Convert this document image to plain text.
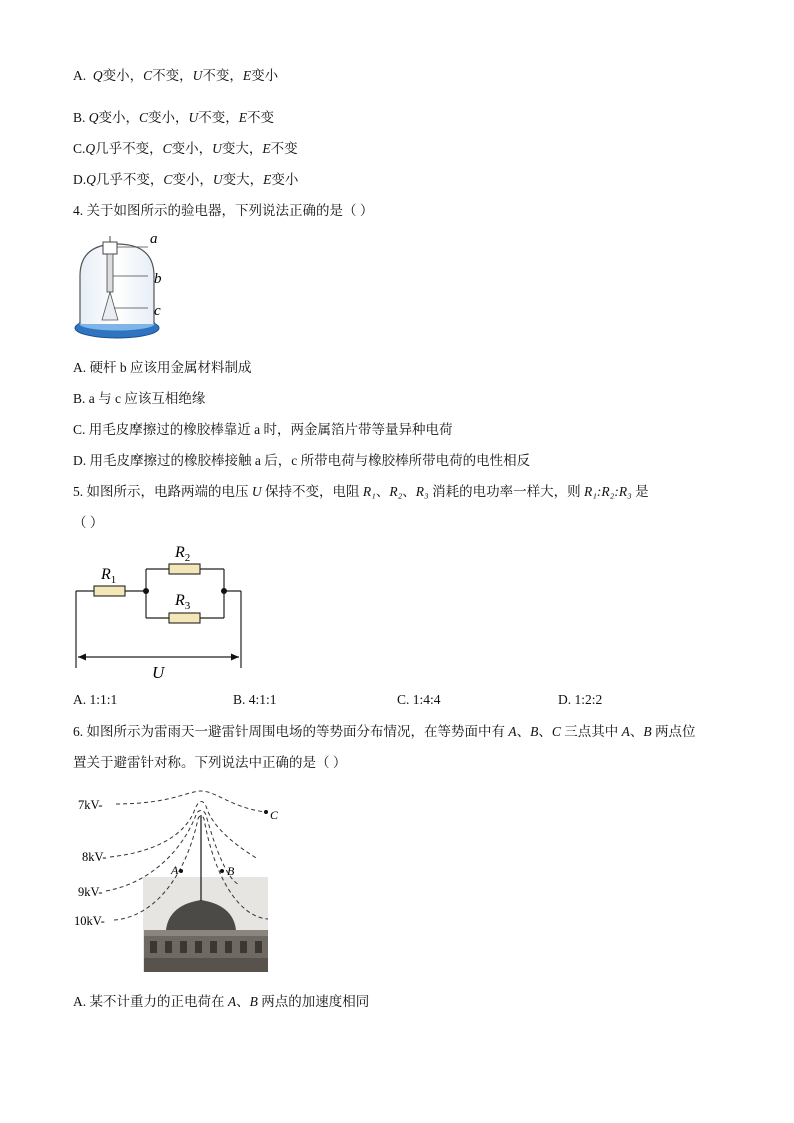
A. Q变小，C不变，U不变，E变小
B. Q变小，C变小，U不变，E不变
C.Q几乎不变，C变小，U变大，E不变
D.Q几乎不变，C变小，U变大，E变小
4. 关于如图所示的验电器，下列说法正确的是（ ）
a
b
c
A. 硬杆 b 应该用金属材料制成
B. a 与 c 应该互相绝缘
C. 用毛皮摩擦过的橡胶棒靠近 a 时，两金属箔片带等量异种电荷
D. 用毛皮摩擦过的橡胶棒接触 a 后，c 所带电荷与橡胶棒所带电荷的电性相反
5. 如图所示，电路两端的电压 U 保持不变，电阻 R₁、R₂、R₃ 消耗的电功率一样大，则 R₁:R₂:R₃ 是
（ ）
$R_1$
$R_2$
$R_3$
U
A. 1:1:1	B. 4:1:1	C. 1:4:4	D. 1:2:2
6. 如图所示为雷雨天一避雷针周围电场的等势面分布情况，在等势面中有 A、B、C 三点其中 A、B 两点位
置关于避雷针对称。下列说法中正确的是（ ）
7kV-
8kV-
9kV-
10kV-
A	B
C
A. 某不计重力的正电荷在 A、B 两点的加速度相同
